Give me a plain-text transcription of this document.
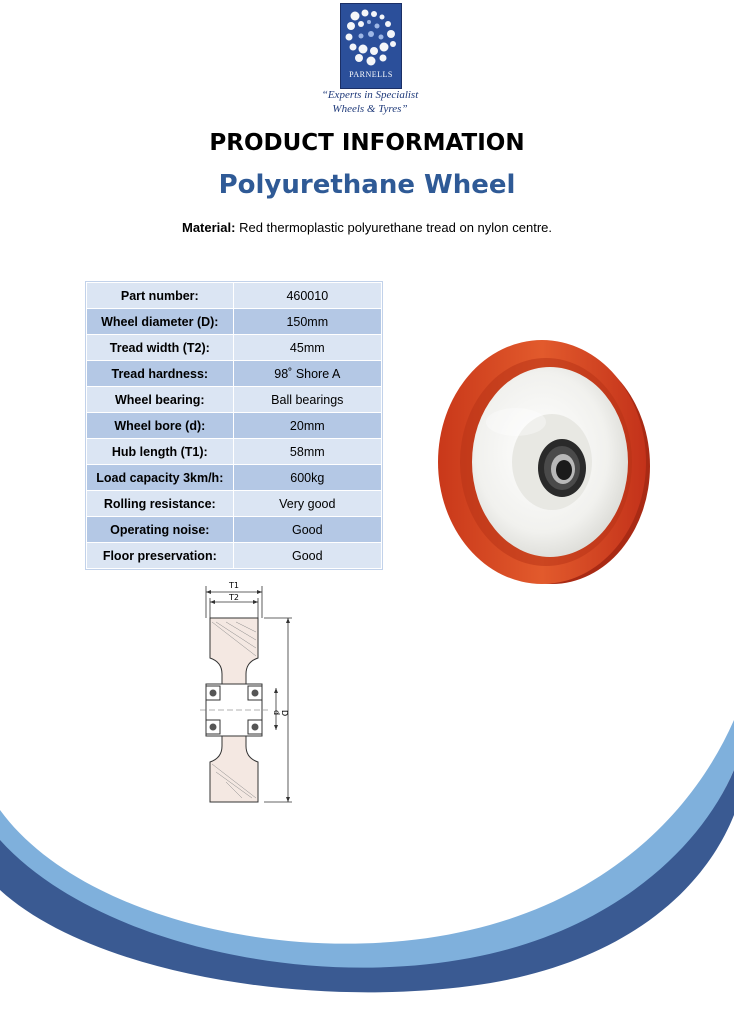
PARNELLS
“Experts in Specialist
Wheels & Tyres”
PRODUCT INFORMATION
Polyurethane Wheel
Material: Red thermoplastic polyurethane tread on nylon centre.
Part number:	460010
Wheel diameter (D):	150mm
Tread width (T2):	45mm
Tread hardness:	98˚ Shore A
Wheel bearing:	Ball bearings
Wheel bore (d):	20mm
Hub length (T1):	58mm
Load capacity 3km/h:	600kg
Rolling resistance:	Very good
Operating noise:	Good
Floor preservation:	Good
T1
T2
d D
